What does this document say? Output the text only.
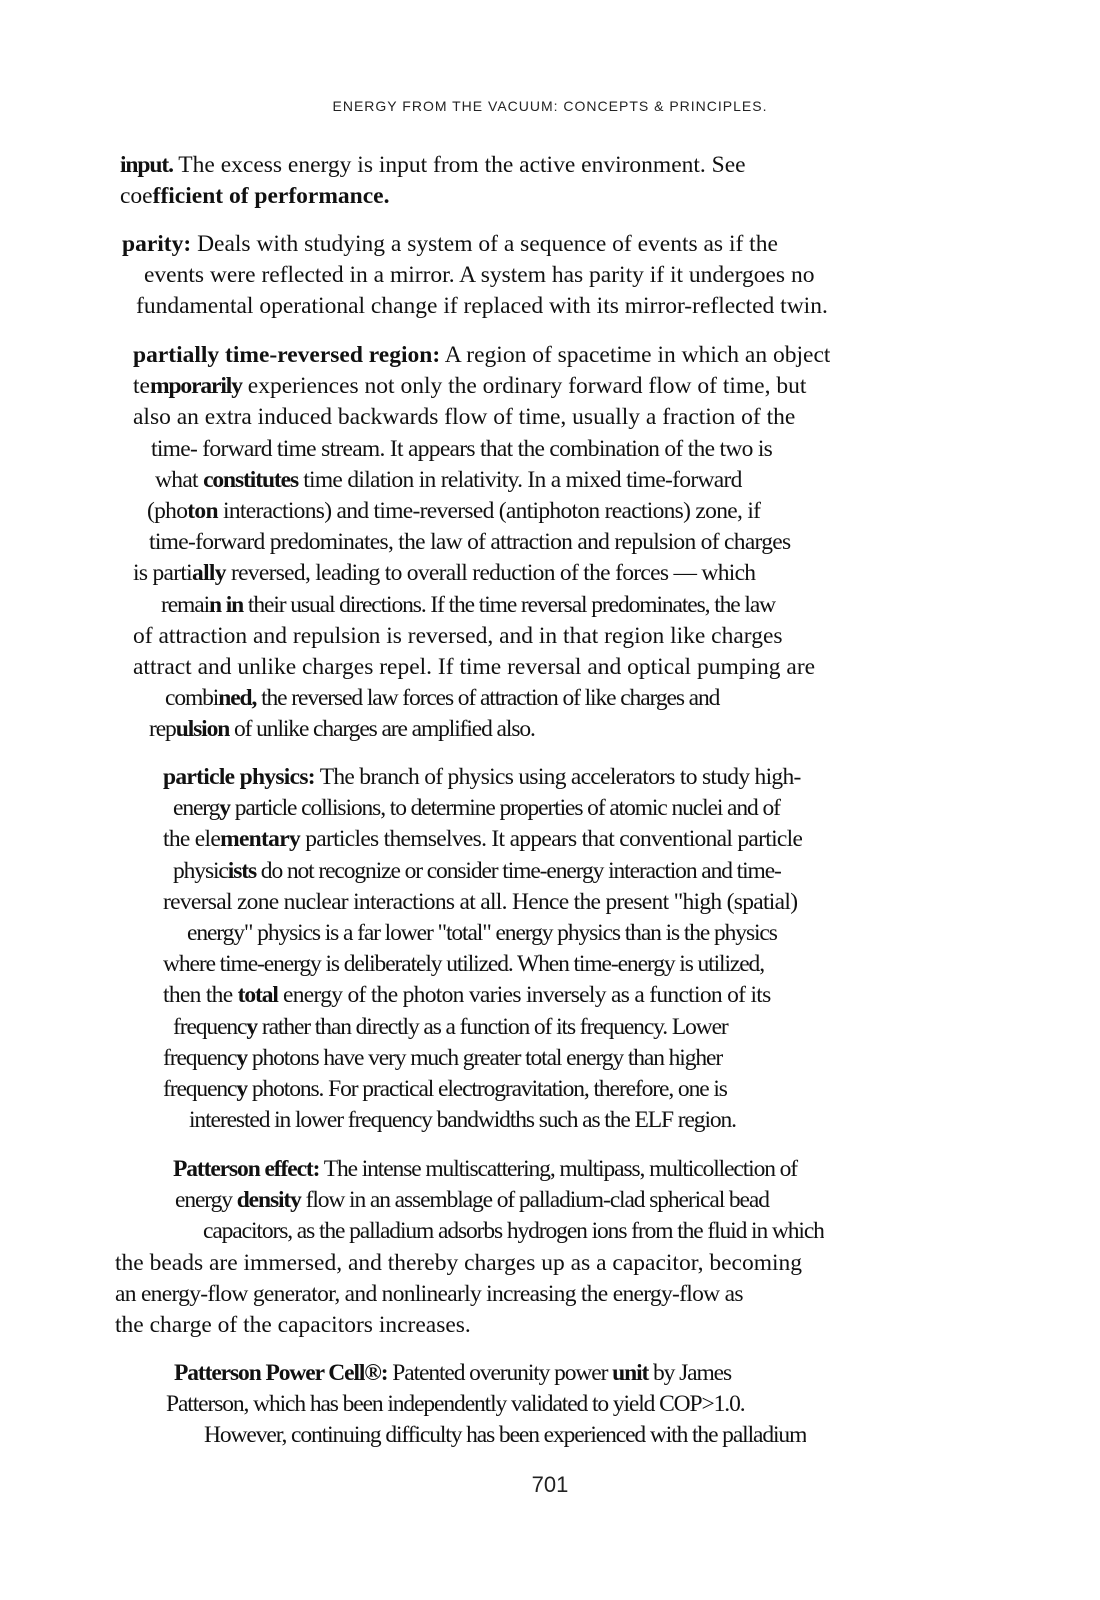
ENERGY FROM THE VACUUM: CONCEPTS & PRINCIPLES.
input. The excess energy is input from the active environment. See
coefficient of performance.
parity: Deals with studying a system of a sequence of events as if the
events were reflected in a mirror. A system has parity if it undergoes no
fundamental operational change if replaced with its mirror-reflected twin.
partially time-reversed region: A region of spacetime in which an object
temporarily experiences not only the ordinary forward flow of time, but
also an extra induced backwards flow of time, usually a fraction of the
time- forward time stream. It appears that the combination of the two is
what constitutes time dilation in relativity. In a mixed time-forward
(photon interactions) and time-reversed (antiphoton reactions) zone, if
time-forward predominates, the law of attraction and repulsion of charges
is partially reversed, leading to overall reduction of the forces — which
remain in their usual directions. If the time reversal predominates, the law
of attraction and repulsion is reversed, and in that region like charges
attract and unlike charges repel. If time reversal and optical pumping are
combined, the reversed law forces of attraction of like charges and
repulsion of unlike charges are amplified also.
particle physics: The branch of physics using accelerators to study high-
energy particle collisions, to determine properties of atomic nuclei and of
the elementary particles themselves. It appears that conventional particle
physicists do not recognize or consider time-energy interaction and time-
reversal zone nuclear interactions at all. Hence the present "high (spatial)
energy" physics is a far lower "total" energy physics than is the physics
where time-energy is deliberately utilized. When time-energy is utilized,
then the total energy of the photon varies inversely as a function of its
frequency rather than directly as a function of its frequency. Lower
frequency photons have very much greater total energy than higher
frequency photons. For practical electrogravitation, therefore, one is
interested in lower frequency bandwidths such as the ELF region.
Patterson effect: The intense multiscattering, multipass, multicollection of
energy density flow in an assemblage of palladium-clad spherical bead
capacitors, as the palladium adsorbs hydrogen ions from the fluid in which
the beads are immersed, and thereby charges up as a capacitor, becoming
an energy-flow generator, and nonlinearly increasing the energy-flow as
the charge of the capacitors increases.
Patterson Power Cell®: Patented overunity power unit by James
Patterson, which has been independently validated to yield COP>1.0.
However, continuing difficulty has been experienced with the palladium
701
